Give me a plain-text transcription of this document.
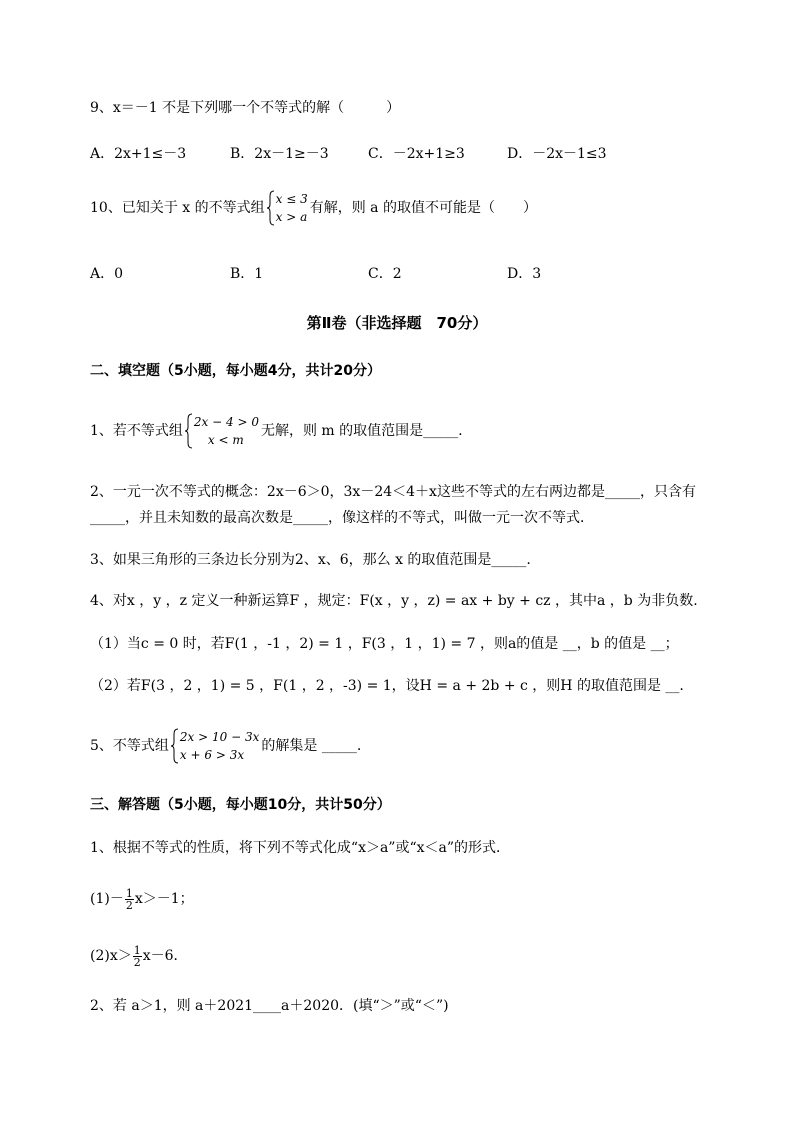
9、x＝－1 不是下列哪一个不等式的解（　　　）
A．2x+1≤－3	B．2x－1≥－3	C．－2x+1≥3	D．－2x－1≤3
10、已知关于 x 的不等式组
x ≤ 3
x > a
有解，则 a 的取值不可能是（　　）
A．0	B．1	C．2	D．3
第Ⅱ卷（非选择题　70分）
二、填空题（5小题，每小题4分，共计20分）
1、若不等式组
2x − 4 > 0
x < m
无解，则 m 的取值范围是_____.
2、一元一次不等式的概念：2x－6＞0，3x－24＜4＋x这些不等式的左右两边都是_____，只含有
_____，并且未知数的最高次数是_____，像这样的不等式，叫做一元一次不等式．
3、如果三角形的三条边长分别为2、x、6，那么 x 的取值范围是_____.
4、对x ，y ，z 定义一种新运算F ，规定：F(x ，y ，z) = ax + by + cz ，其中a ，b 为非负数.
（1）当c = 0 时，若F(1 ，-1 ，2) = 1 ，F(3 ，1 ，1) = 7 ，则a的值是 __，b 的值是 __；
（2）若F(3 ，2 ，1) = 5 ，F(1 ，2 ，-3) = 1，设H = a + 2b + c ，则H 的取值范围是 __.
5、不等式组
2x > 10 − 3x
x + 6 > 3x
的解集是 _____.
三、解答题（5小题，每小题10分，共计50分）
1、根据不等式的性质，将下列不等式化成“x＞a”或“x＜a”的形式．
$(1)- \frac{1}{2} x>-1$；
$(2)x> \frac{1}{2} x-6$．
2、若 a＞1，则 a＋2021____a＋2020．(填“＞”或“＜”)
